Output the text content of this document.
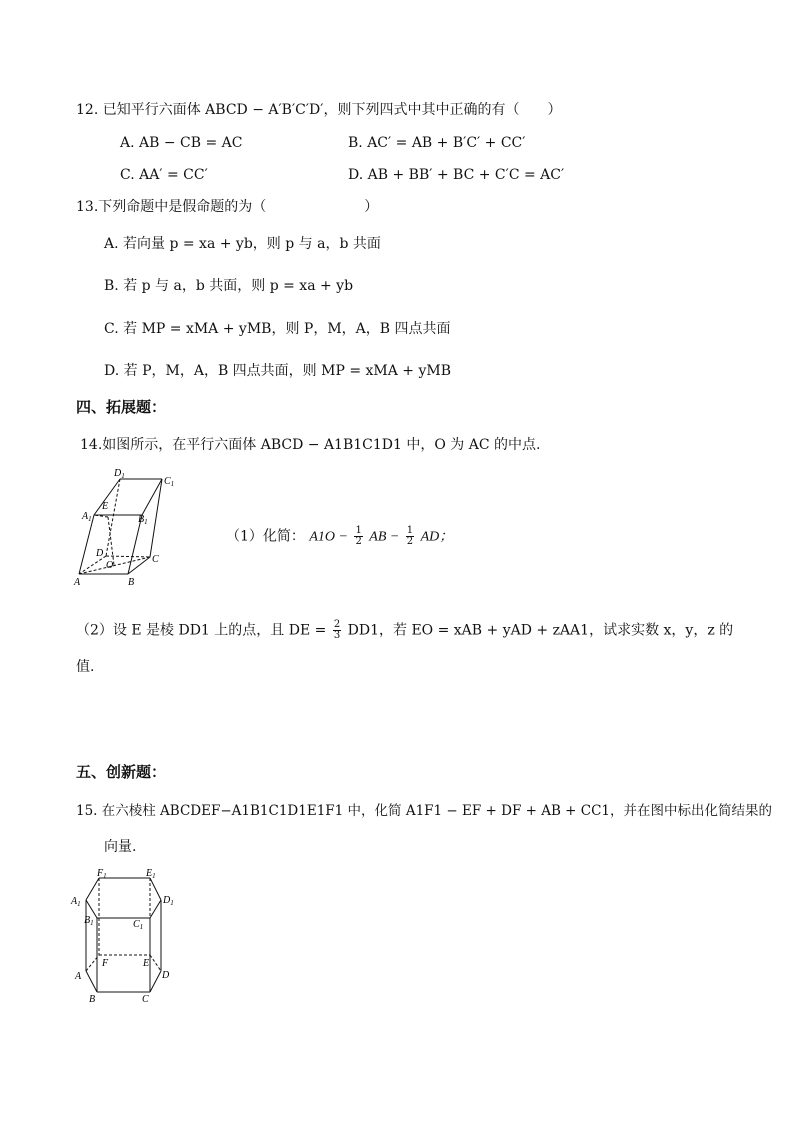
12. 已知平行六面体 ABCD − A′B′C′D′，则下列四式中其中正确的有（　　）
A. AB − CB = AC	B. AC′ = AB + B′C′ + CC′
C. AA′ = CC′	D. AB + BB′ + BC + C′C = AC′
13.下列命题中是假命题的为（　　　　　　　）
A. 若向量 p = xa + yb，则 p 与 a，b 共面
B. 若 p 与 a，b 共面，则 p = xa + yb
C. 若 MP = xMA + yMB，则 P，M，A，B 四点共面
D. 若 P，M，A，B 四点共面，则 MP = xMA + yMB
四、拓展题：
14.如图所示，在平行六面体 ABCD − A1B1C1D1 中，O 为 AC 的中点.
$D_1$	$C_1$
$A_1$	$B_1$
E
D
O
C
A	B
（1）化简： $A1O - \frac{1}{2}$ AB − $\frac{1}{2}$ AD；
（2）设 E 是棱 DD1 上的点，且 DE = $\frac{2}{3} DD1$，若 EO = xAB + yAD + zAA1，试求实数 x，y，z 的
值.
五、创新题：
15. 在六棱柱 ABCDEF−A1B1C1D1E1F1 中，化简 A1F1 − EF + DF + AB + CC1，并在图中标出化简结果的
向量.
$F_1$	$E_1$
$A_1$	$D_1$
$B_1$	$C_1$
A
F	E
D
B	C
